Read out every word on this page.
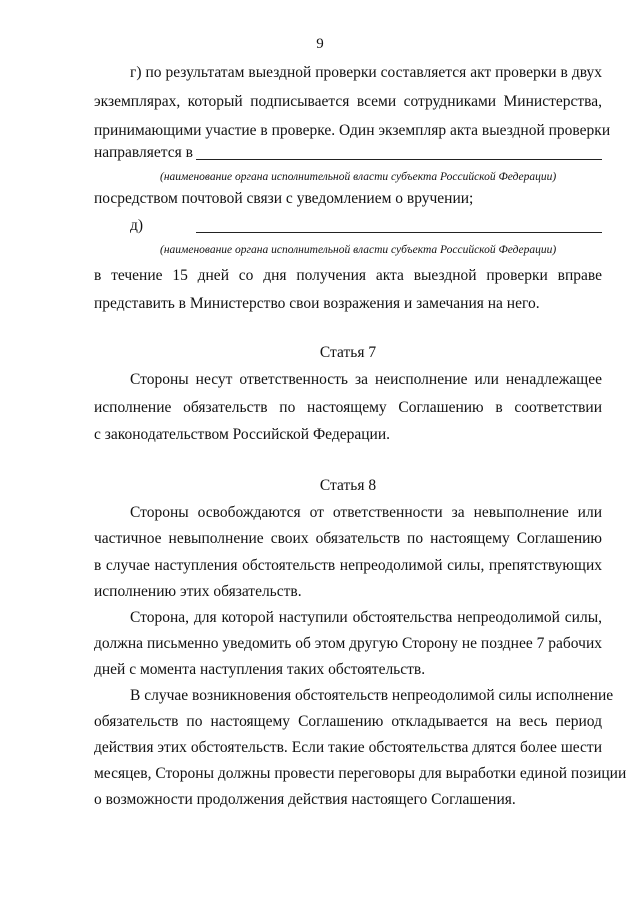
9
г) по результатам выездной проверки составляется акт проверки в двух
экземплярах, который подписывается всеми сотрудниками Министерства,
принимающими участие в проверке. Один экземпляр акта выездной проверки
направляется в
(наименование органа исполнительной власти субъекта Российской Федерации)
посредством почтовой связи с уведомлением о вручении;
д)
(наименование органа исполнительной власти субъекта Российской Федерации)
в течение 15 дней со дня получения акта выездной проверки вправе
представить в Министерство свои возражения и замечания на него.
Статья 7
Стороны несут ответственность за неисполнение или ненадлежащее
исполнение обязательств по настоящему Соглашению в соответствии
с законодательством Российской Федерации.
Статья 8
Стороны освобождаются от ответственности за невыполнение или
частичное невыполнение своих обязательств по настоящему Соглашению
в случае наступления обстоятельств непреодолимой силы, препятствующих
исполнению этих обязательств.
Сторона, для которой наступили обстоятельства непреодолимой силы,
должна письменно уведомить об этом другую Сторону не позднее 7 рабочих
дней с момента наступления таких обстоятельств.
В случае возникновения обстоятельств непреодолимой силы исполнение
обязательств по настоящему Соглашению откладывается на весь период
действия этих обстоятельств. Если такие обстоятельства длятся более шести
месяцев, Стороны должны провести переговоры для выработки единой позиции
о возможности продолжения действия настоящего Соглашения.
